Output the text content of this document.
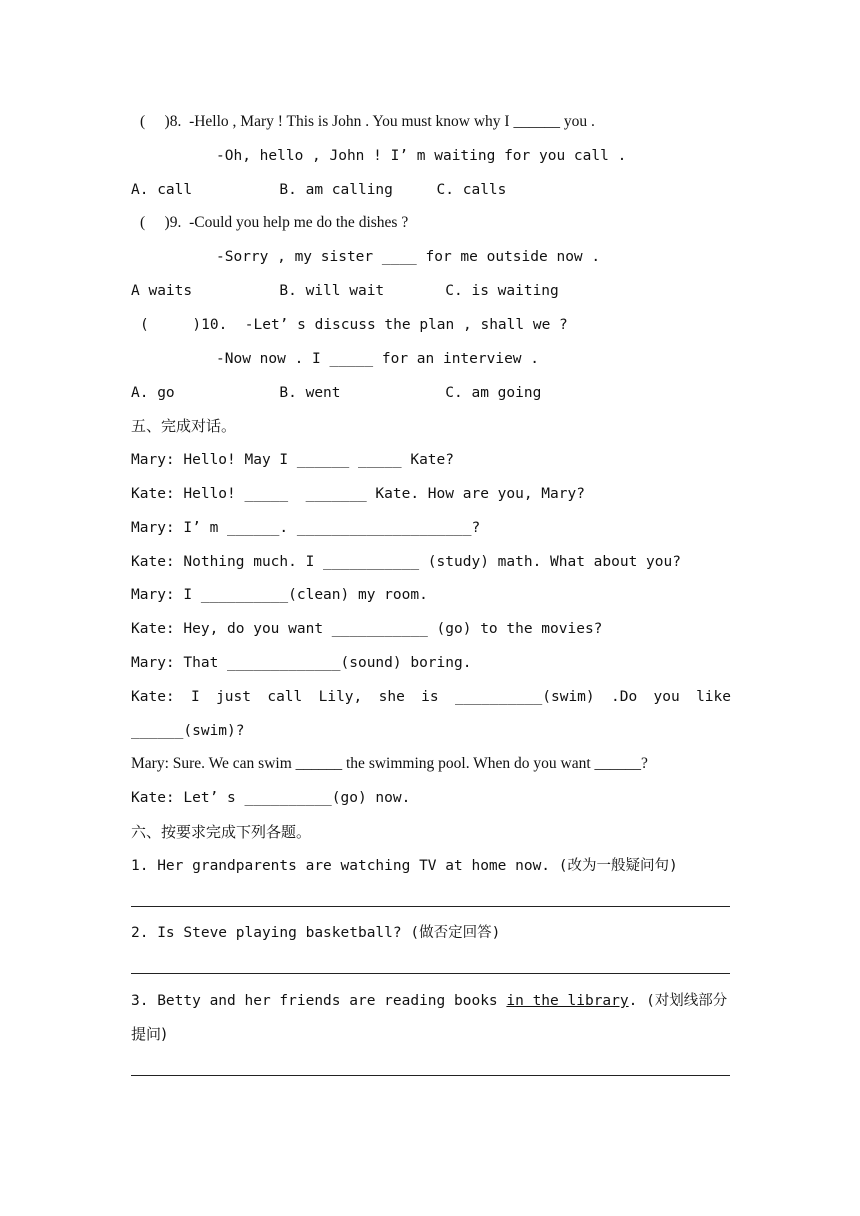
(     )8.  -Hello , Mary ! This is John . You must know why I ______ you .
-Oh, hello , John ! I’ m waiting for you call .
A. call          B. am calling     C. calls
(     )9.  -Could you help me do the dishes ?
-Sorry , my sister ____ for me outside now .
A waits          B. will wait       C. is waiting
(     )10.  -Let’ s discuss the plan , shall we ?
-Now now . I _____ for an interview .
A. go            B. went            C. am going
五、完成对话。
Mary: Hello! May I ______ _____ Kate?
Kate: Hello! _____  _______ Kate. How are you, Mary?
Mary: I’ m ______. ____________________?
Kate: Nothing much. I ___________ (study) math. What about you?
Mary: I __________(clean) my room.
Kate: Hey, do you want ___________ (go) to the movies?
Mary: That _____________(sound) boring.
Kate: I just call Lily, she is __________(swim) .Do you like
______(swim)?
Mary: Sure. We can swim ______ the swimming pool. When do you want ______?
Kate: Let’ s __________(go) now.
六、按要求完成下列各题。
1. Her grandparents are watching TV at home now. (改为一般疑问句)
2. Is Steve playing basketball? (做否定回答)
3. Betty and her friends are reading books in the library. (对划线部分
提问)
